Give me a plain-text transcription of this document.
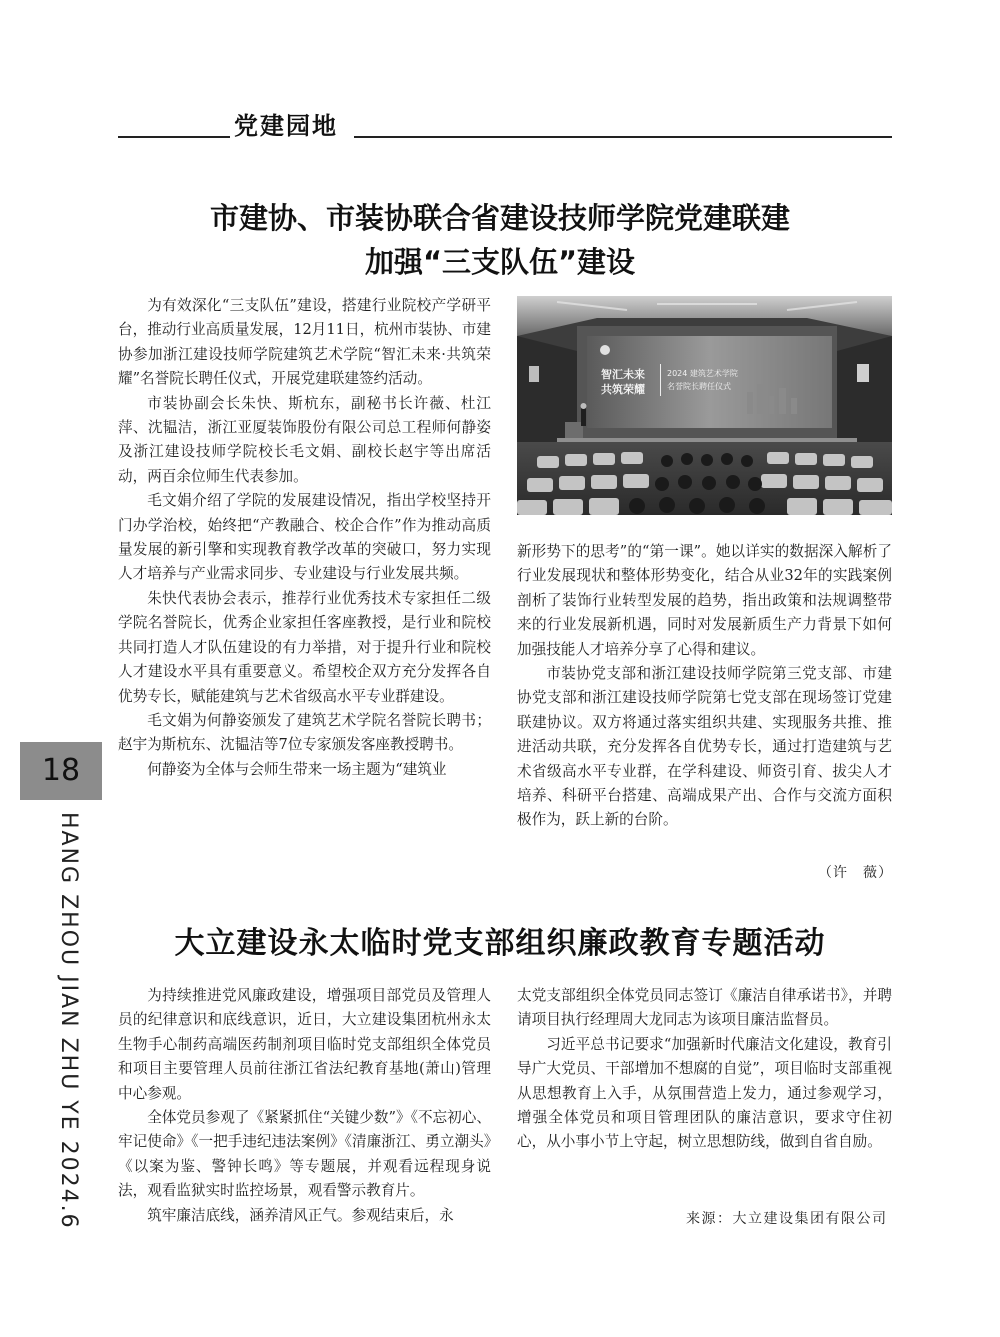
党建园地
市建协、市装协联合省建设技师学院党建联建
加强“三支队伍”建设

为有效深化“三支队伍”建设，搭建行业院校产学研平台，推动行业高质量发展，12月11日，杭州市装协、市建协参加浙江建设技师学院建筑艺术学院“智汇未来·共筑荣耀”名誉院长聘任仪式，开展党建联建签约活动。

市装协副会长朱快、斯杭东，副秘书长许薇、杜江萍、沈韫洁，浙江亚厦装饰股份有限公司总工程师何静姿及浙江建设技师学院校长毛文娟、副校长赵宇等出席活动，两百余位师生代表参加。

毛文娟介绍了学院的发展建设情况，指出学校坚持开门办学治校，始终把“产教融合、校企合作”作为推动高质量发展的新引擎和实现教育教学改革的突破口，努力实现人才培养与产业需求同步、专业建设与行业发展共频。

朱快代表协会表示，推荐行业优秀技术专家担任二级学院名誉院长，优秀企业家担任客座教授，是行业和院校共同打造人才队伍建设的有力举措，对于提升行业和院校人才建设水平具有重要意义。希望校企双方充分发挥各自优势专长，赋能建筑与艺术省级高水平专业群建设。

毛文娟为何静姿颁发了建筑艺术学院名誉院长聘书；赵宇为斯杭东、沈韫洁等7位专家颁发客座教授聘书。

何静姿为全体与会师生带来一场主题为“建筑业

智汇未来
共筑荣耀
2024 建筑艺术学院
名誉院长聘任仪式

新形势下的思考”的“第一课”。她以详实的数据深入解析了行业发展现状和整体形势变化，结合从业32年的实践案例剖析了装饰行业转型发展的趋势，指出政策和法规调整带来的行业发展新机遇，同时对发展新质生产力背景下如何加强技能人才培养分享了心得和建议。

市装协党支部和浙江建设技师学院第三党支部、市建协党支部和浙江建设技师学院第七党支部在现场签订党建联建协议。双方将通过落实组织共建、实现服务共推、推进活动共联，充分发挥各自优势专长，通过打造建筑与艺术省级高水平专业群，在学科建设、师资引育、拔尖人才培养、科研平台搭建、高端成果产出、合作与交流方面积极作为，跃上新的台阶。

（许　薇）
大立建设永太临时党支部组织廉政教育专题活动

为持续推进党风廉政建设，增强项目部党员及管理人员的纪律意识和底线意识，近日，大立建设集团杭州永太生物手心制药高端医药制剂项目临时党支部组织全体党员和项目主要管理人员前往浙江省法纪教育基地(萧山)管理中心参观。

全体党员参观了《紧紧抓住“关键少数”》《不忘初心、牢记使命》《一把手违纪违法案例》《清廉浙江、勇立潮头》《以案为鉴、警钟长鸣》等专题展，并观看远程现身说法，观看监狱实时监控场景，观看警示教育片。

筑牢廉洁底线，涵养清风正气。参观结束后，永

太党支部组织全体党员同志签订《廉洁自律承诺书》，并聘请项目执行经理周大龙同志为该项目廉洁监督员。

习近平总书记要求“加强新时代廉洁文化建设，教育引导广大党员、干部增加不想腐的自觉”，项目临时支部重视从思想教育上入手，从氛围营造上发力，通过参观学习，增强全体党员和项目管理团队的廉洁意识，要求守住初心，从小事小节上守起，树立思想防线，做到自省自励。

来源：大立建设集团有限公司
18
HANG ZHOU JIAN ZHU YE 2024.6
